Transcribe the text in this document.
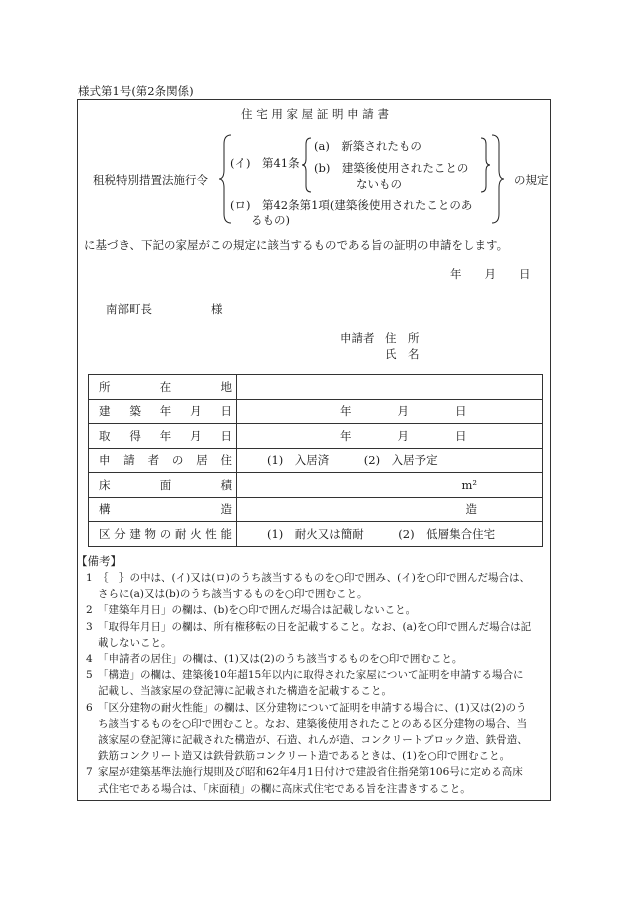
様式第1号(第2条関係)
住 宅 用 家 屋 証 明 申 請 書
租税特別措置法施行令
(イ)　第41条
(a)　新築されたもの
(b)　建築後使用されたことの
ないもの
(ロ)　第42条第1項(建築後使用されたことのあ
るもの)
の規定
に基づき、下記の家屋がこの規定に該当するものである旨の証明の申請をします。
年　　月　　日
南部町長	様
申請者 住　所
氏　名
所在地	

建築年月日	年　　　　月　　　　日

取得年月日	年　　　　月　　　　日

申請者の居住	(1)　入居済　　　(2)　入居予定

床面積	m²

構造	造

区分建物の耐火性能	(1)　耐火又は簡耐　　　(2)　低層集合住宅
【備考】

1 ｛　｝の中は、(イ)又は(ロ)のうち該当するものを○印で囲み、(イ)を○印で囲んだ場合は、さらに(a)又は(b)のうち該当するものを○印で囲むこと。

2 「建築年月日」の欄は、(b)を○印で囲んだ場合は記載しないこと。

3 「取得年月日」の欄は、所有権移転の日を記載すること。なお、(a)を○印で囲んだ場合は記載しないこと。

4 「申請者の居住」の欄は、(1)又は(2)のうち該当するものを○印で囲むこと。

5 「構造」の欄は、建築後10年超15年以内に取得された家屋について証明を申請する場合に記載し、当該家屋の登記簿に記載された構造を記載すること。

6 「区分建物の耐火性能」の欄は、区分建物について証明を申請する場合に、(1)又は(2)のうち該当するものを○印で囲むこと。なお、建築後使用されたことのある区分建物の場合、当該家屋の登記簿に記載された構造が、石造、れんが造、コンクリートブロック造、鉄骨造、鉄筋コンクリート造又は鉄骨鉄筋コンクリート造であるときは、(1)を○印で囲むこと。

7 家屋が建築基準法施行規則及び昭和62年4月1日付けで建設省住指発第106号に定める高床式住宅である場合は、「床面積」の欄に高床式住宅である旨を注書きすること。
